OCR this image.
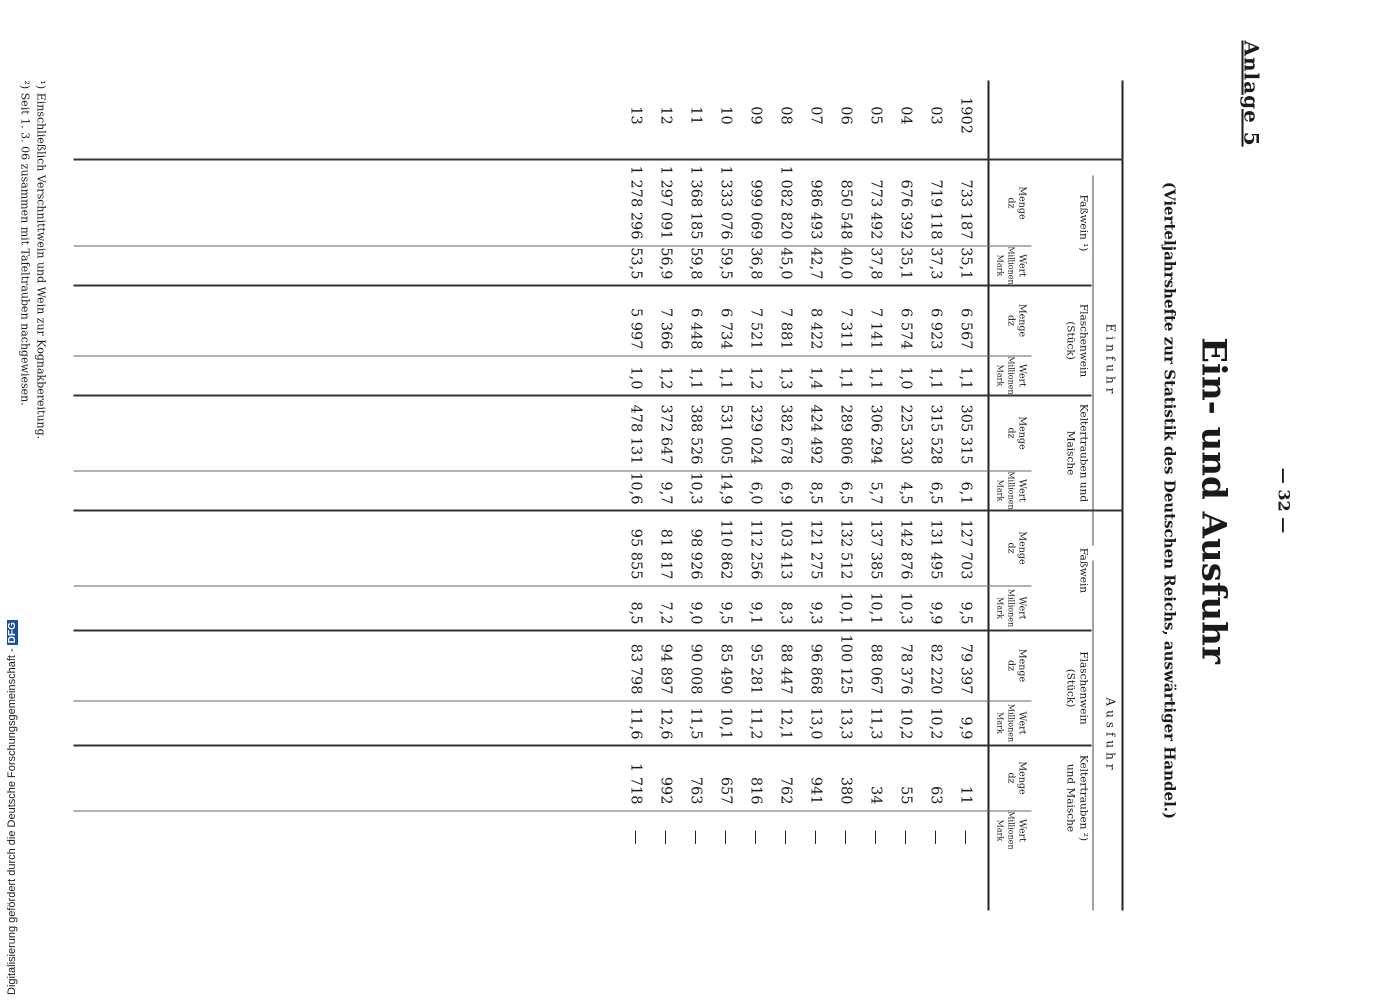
Anlage 5
— 32 —
Ein- und Ausfuhr
(Vierteljahrshefte zur Statistik des Deutschen Reichs, auswärtiger Handel.)
Einfuhr
Ausfuhr
Faßwein ¹)
Flaschenwein (Stück)
Keltertrauben und Maische
Faßwein
Flaschenwein (Stück)
Keltertrauben ²) und Maische
Menge
dz
Wert
Millionen Mark
Menge
dz
Wert
Millionen Mark
Menge
dz
Wert
Millionen Mark
Menge
dz
Wert
Millionen Mark
Menge
dz
Wert
Millionen Mark
Menge
dz
Wert
Millionen Mark
1902
733 187
35,1
6 567
1,1
305 315
6,1
127 703
9,5
79 397
9,9
11
—
03
719 118
37,3
6 923
1,1
315 528
6,5
131 495
9,9
82 220
10,2
63
—
04
676 392
35,1
6 574
1,0
225 330
4,5
142 876
10,3
78 376
10,2
55
—
05
773 492
37,8
7 141
1,1
306 294
5,7
137 385
10,1
88 067
11,3
34
—
06
850 548
40,0
7 311
1,1
289 806
6,5
132 512
10,1
100 125
13,3
380
—
07
986 493
42,7
8 422
1,4
424 492
8,5
121 275
9,3
96 868
13,0
941
—
08
1 082 820
45,0
7 881
1,3
382 678
6,9
103 413
8,3
88 447
12,1
762
—
09
999 069
36,8
7 521
1,2
329 024
6,0
112 256
9,1
95 281
11,2
816
—
10
1 333 076
59,5
6 734
1,1
531 005
14,9
110 862
9,5
85 490
10,1
657
—
11
1 368 185
59,8
6 448
1,1
388 526
10,3
98 926
9,0
90 008
11,5
763
—
12
1 297 091
56,9
7 366
1,2
372 647
9,7
81 817
7,2
94 897
12,6
992
—
13
1 278 296
53,5
5 997
1,0
478 131
10,6
95 855
8,5
83 798
11,6
1 718
—
¹) Einschließlich Verschnittwein und Wein zur Kognakbereitung.
²) Seit 1. 3. 06 zusammen mit Tafeltrauben nachgewiesen.
Digitalisierung gefördert durch die Deutsche Forschungsgemeinschaft - DFG
